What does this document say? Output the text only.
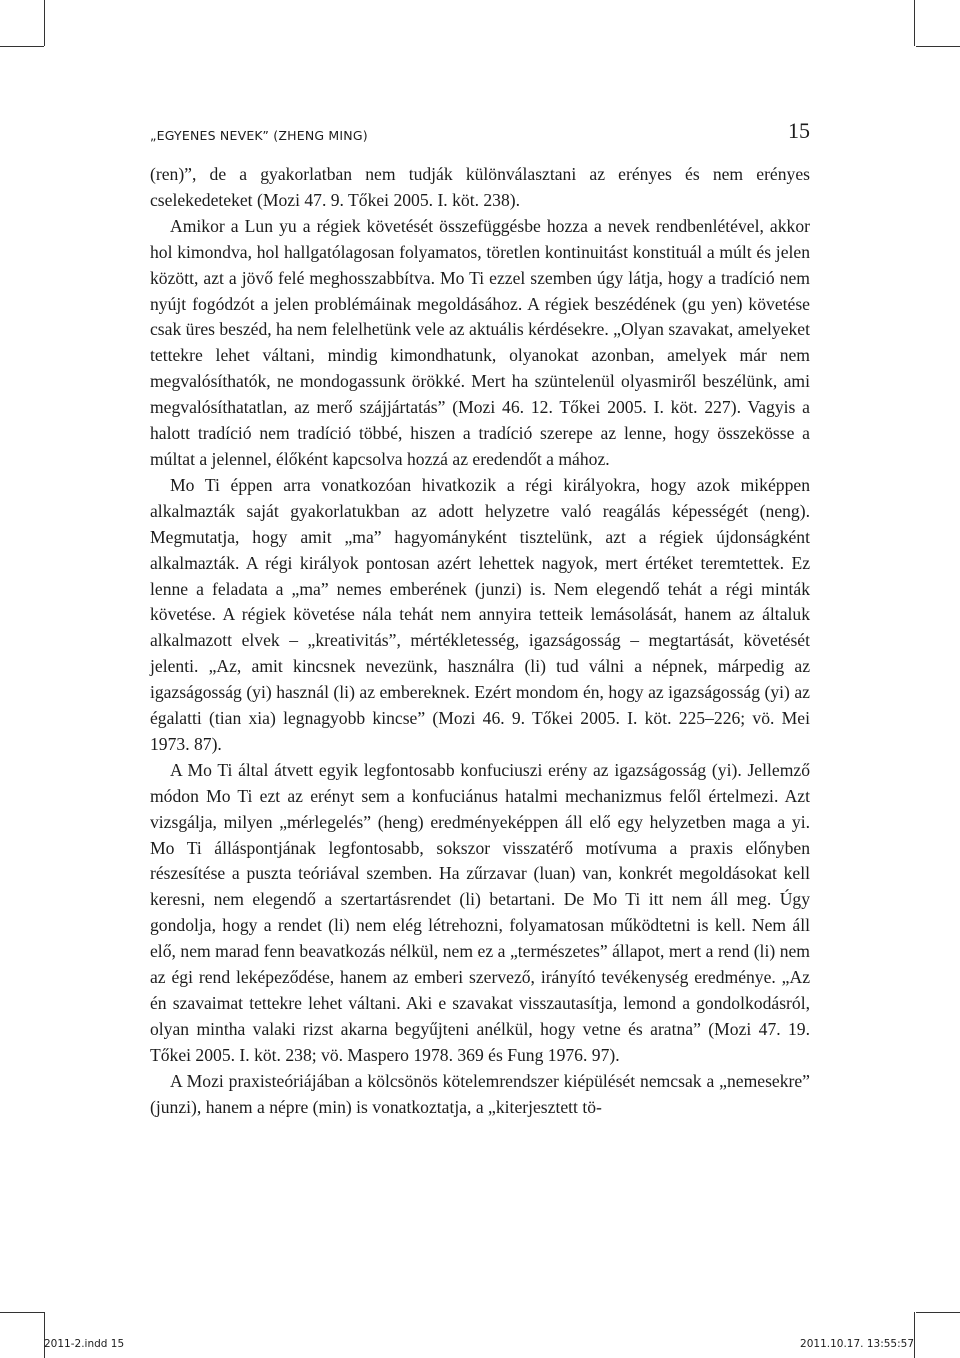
„EGYENES NEVEK” (ZHENG MING)	15

(ren)”, de a gyakorlatban nem tudják különválasztani az erényes és nem erényes cselekedeteket (Mozi 47. 9. Tőkei 2005. I. köt. 238).

Amikor a Lun yu a régiek követését összefüggésbe hozza a nevek rendbenlétével, akkor hol kimondva, hol hallgatólagosan folyamatos, töretlen kontinuitást konstituál a múlt és jelen között, azt a jövő felé meghosszabbítva. Mo Ti ezzel szemben úgy látja, hogy a tradíció nem nyújt fogódzót a jelen problémáinak megoldásához. A régiek beszédének (gu yen) követése csak üres beszéd, ha nem felelhetünk vele az aktuális kérdésekre. „Olyan szavakat, amelyeket tettekre lehet váltani, mindig kimondhatunk, olyanokat azonban, amelyek már nem megvalósíthatók, ne mondogassunk örökké. Mert ha szüntelenül olyasmiről beszélünk, ami megvalósíthatatlan, az merő szájjártatás” (Mozi 46. 12. Tőkei 2005. I. köt. 227). Vagyis a halott tradíció nem tradíció többé, hiszen a tradíció szerepe az lenne, hogy összekösse a múltat a jelennel, élőként kapcsolva hozzá az eredendőt a mához.

Mo Ti éppen arra vonatkozóan hivatkozik a régi királyokra, hogy azok miképpen alkalmazták saját gyakorlatukban az adott helyzetre való reagálás képességét (neng). Megmutatja, hogy amit „ma” hagyományként tisztelünk, azt a régiek újdonságként alkalmazták. A régi királyok pontosan azért lehettek nagyok, mert értéket teremtettek. Ez lenne a feladata a „ma” nemes emberének (junzi) is. Nem elegendő tehát a régi minták követése. A régiek követése nála tehát nem annyira tetteik lemásolását, hanem az általuk alkalmazott elvek – „kreativitás”, mértékletesség, igazságosság – megtartását, követését jelenti. „Az, amit kincsnek nevezünk, használra (li) tud válni a népnek, márpedig az igazságosság (yi) használ (li) az embereknek. Ezért mondom én, hogy az igazságosság (yi) az égalatti (tian xia) legnagyobb kincse” (Mozi 46. 9. Tőkei 2005. I. köt. 225–226; vö. Mei 1973. 87).

A Mo Ti által átvett egyik legfontosabb konfuciuszi erény az igazságosság (yi). Jellemző módon Mo Ti ezt az erényt sem a konfuciánus hatalmi mechanizmus felől értelmezi. Azt vizsgálja, milyen „mérlegelés” (heng) eredményeképpen áll elő egy helyzetben maga a yi. Mo Ti álláspontjának legfontosabb, sokszor visszatérő motívuma a praxis előnyben részesítése a puszta teóriával szemben. Ha zűrzavar (luan) van, konkrét megoldásokat kell keresni, nem elegendő a szertartásrendet (li) betartani. De Mo Ti itt nem áll meg. Úgy gondolja, hogy a rendet (li) nem elég létrehozni, folyamatosan működtetni is kell. Nem áll elő, nem marad fenn beavatkozás nélkül, nem ez a „természetes” állapot, mert a rend (li) nem az égi rend leképeződése, hanem az emberi szervező, irányító tevékenység eredménye. „Az én szavaimat tettekre lehet váltani. Aki e szavakat visszautasítja, lemond a gondolkodásról, olyan mintha valaki rizst akarna begyűjteni anélkül, hogy vetne és aratna” (Mozi 47. 19. Tőkei 2005. I. köt. 238; vö. Maspero 1978. 369 és Fung 1976. 97).

A Mozi praxisteóriájában a kölcsönös kötelemrendszer kiépülését nemcsak a „nemesekre” (junzi), hanem a népre (min) is vonatkoztatja, a „kiterjesztett tö-

2011-2.indd 15	2011.10.17. 13:55:57
